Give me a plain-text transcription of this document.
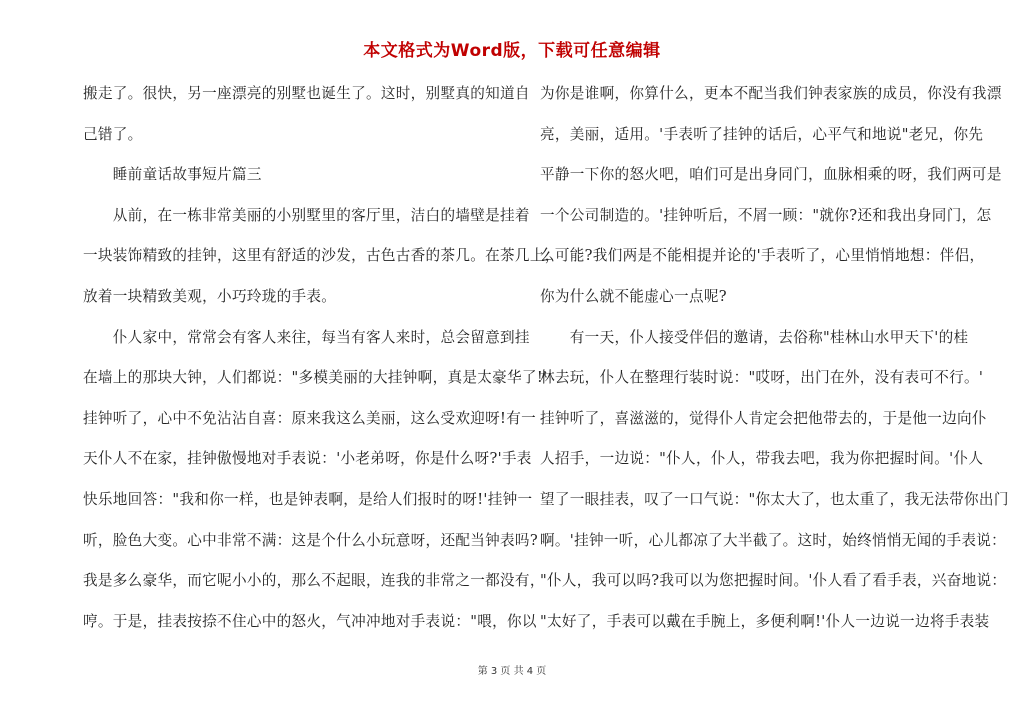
本文格式为Word版，下载可任意编辑
搬走了。很快，另一座漂亮的别墅也诞生了。这时，别墅真的知道自
己错了。
　　睡前童话故事短片篇三
　　从前，在一栋非常美丽的小别墅里的客厅里，洁白的墙壁是挂着
一块装饰精致的挂钟，这里有舒适的沙发，古色古香的茶几。在茶几上，
放着一块精致美观，小巧玲珑的手表。
　　仆人家中，常常会有客人来往，每当有客人来时，总会留意到挂
在墙上的那块大钟，人们都说："多模美丽的大挂钟啊，真是太豪华了!'
挂钟听了，心中不免沾沾自喜：原来我这么美丽，这么受欢迎呀!有一
天仆人不在家，挂钟傲慢地对手表说：'小老弟呀，你是什么呀?'手表
快乐地回答："我和你一样，也是钟表啊，是给人们报时的呀!'挂钟一
听，脸色大变。心中非常不满：这是个什么小玩意呀，还配当钟表吗?
我是多么豪华，而它呢小小的，那么不起眼，连我的非常之一都没有，
哼。于是，挂表按捺不住心中的怒火，气冲冲地对手表说："喂，你以
为你是谁啊，你算什么，更本不配当我们钟表家族的成员，你没有我漂
亮，美丽，适用。'手表听了挂钟的话后，心平气和地说"老兄，你先
平静一下你的怒火吧，咱们可是出身同门，血脉相乘的呀，我们两可是
一个公司制造的。'挂钟听后，不屑一顾："就你?还和我出身同门，怎
么可能?我们两是不能相提并论的'手表听了，心里悄悄地想：伴侣，
你为什么就不能虚心一点呢?
　　有一天，仆人接受伴侣的邀请，去俗称"桂林山水甲天下'的桂
林去玩，仆人在整理行装时说："哎呀，出门在外，没有表可不行。'
挂钟听了，喜滋滋的，觉得仆人肯定会把他带去的，于是他一边向仆
人招手，一边说："仆人，仆人，带我去吧，我为你把握时间。'仆人
望了一眼挂表，叹了一口气说："你太大了，也太重了，我无法带你出门
啊。'挂钟一听，心儿都凉了大半截了。这时，始终悄悄无闻的手表说：
"仆人，我可以吗?我可以为您把握时间。'仆人看了看手表，兴奋地说：
"太好了，手表可以戴在手腕上，多便利啊!'仆人一边说一边将手表装
第 3 页 共 4 页
